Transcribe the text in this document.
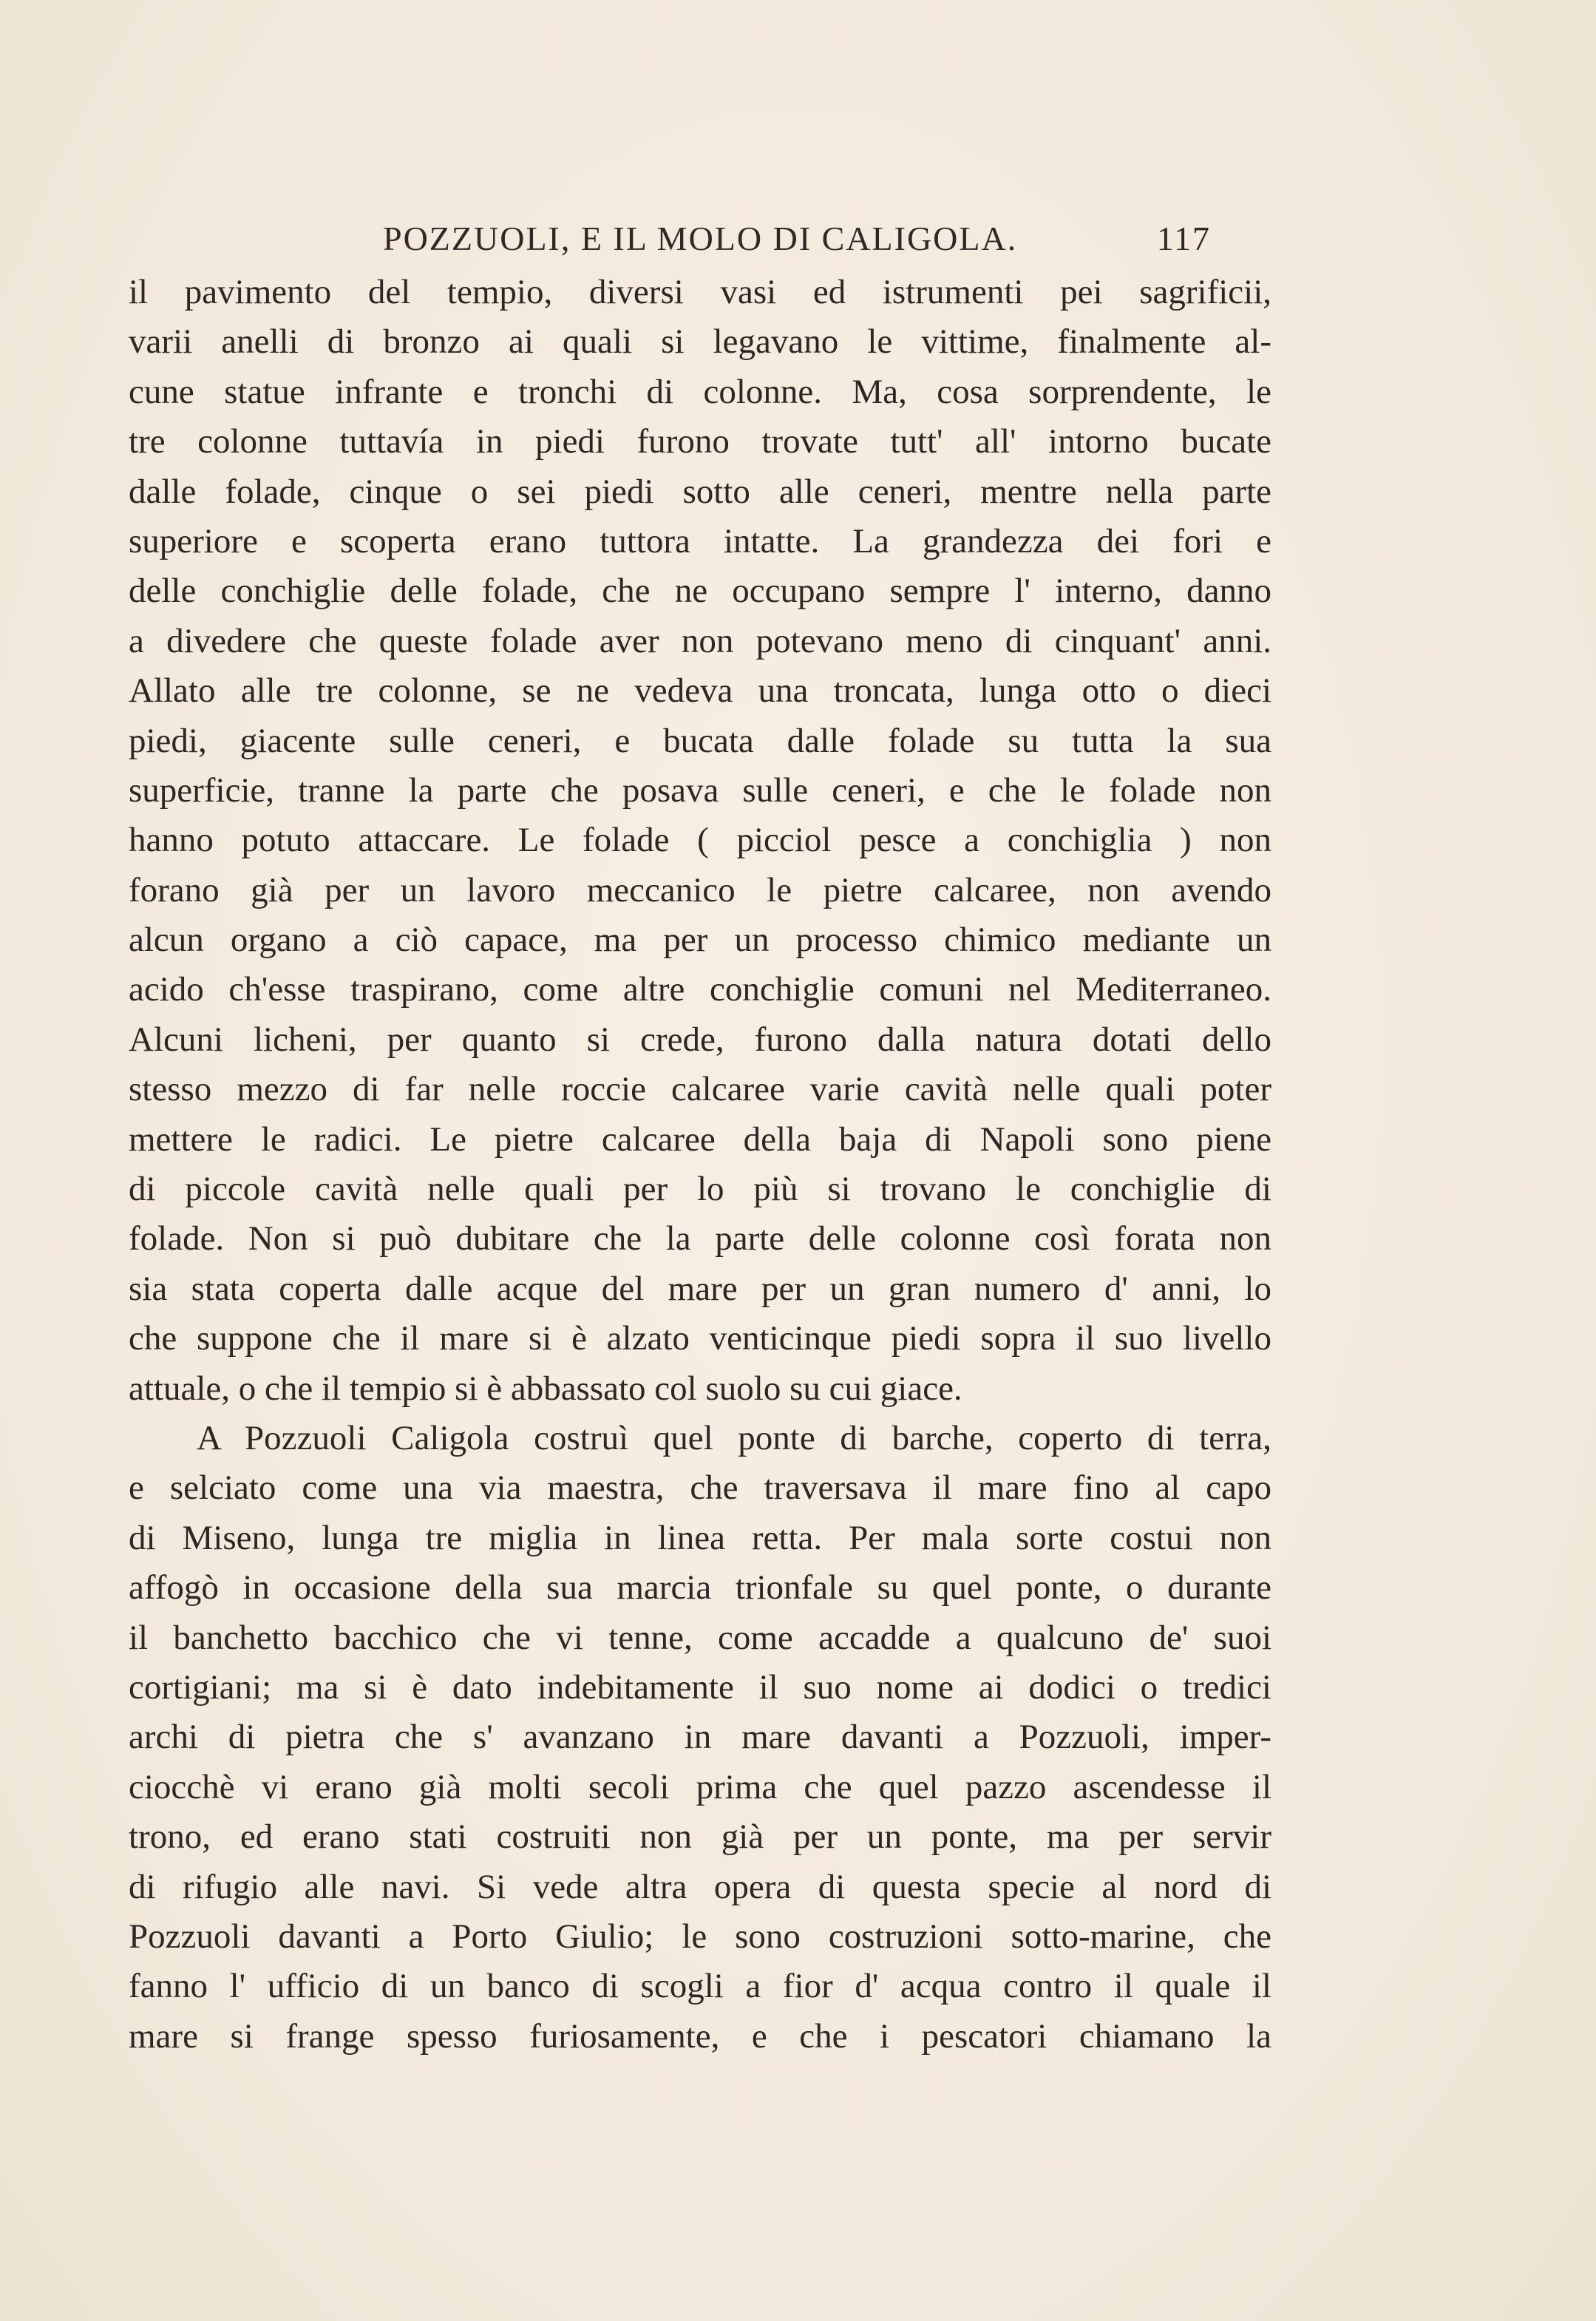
POZZUOLI, E IL MOLO DI CALIGOLA.	117
il pavimento del tempio, diversi vasi ed istrumenti pei sagrificii,
varii anelli di bronzo ai quali si legavano le vittime, finalmente al-
cune statue infrante e tronchi di colonne. Ma, cosa sorprendente, le
tre colonne tuttavía in piedi furono trovate tutt' all' intorno bucate
dalle folade, cinque o sei piedi sotto alle ceneri, mentre nella parte
superiore e scoperta erano tuttora intatte. La grandezza dei fori e
delle conchiglie delle folade, che ne occupano sempre l' interno, danno
a divedere che queste folade aver non potevano meno di cinquant' anni.
Allato alle tre colonne, se ne vedeva una troncata, lunga otto o dieci
piedi, giacente sulle ceneri, e bucata dalle folade su tutta la sua
superficie, tranne la parte che posava sulle ceneri, e che le folade non
hanno potuto attaccare. Le folade ( picciol pesce a conchiglia ) non
forano già per un lavoro meccanico le pietre calcaree, non avendo
alcun organo a ciò capace, ma per un processo chimico mediante un
acido ch'esse traspirano, come altre conchiglie comuni nel Mediterraneo.
Alcuni licheni, per quanto si crede, furono dalla natura dotati dello
stesso mezzo di far nelle roccie calcaree varie cavità nelle quali poter
mettere le radici. Le pietre calcaree della baja di Napoli sono piene
di piccole cavità nelle quali per lo più si trovano le conchiglie di
folade. Non si può dubitare che la parte delle colonne così forata non
sia stata coperta dalle acque del mare per un gran numero d' anni, lo
che suppone che il mare si è alzato venticinque piedi sopra il suo livello
attuale, o che il tempio si è abbassato col suolo su cui giace.
A Pozzuoli Caligola costruì quel ponte di barche, coperto di terra,
e selciato come una via maestra, che traversava il mare fino al capo
di Miseno, lunga tre miglia in linea retta. Per mala sorte costui non
affogò in occasione della sua marcia trionfale su quel ponte, o durante
il banchetto bacchico che vi tenne, come accadde a qualcuno de' suoi
cortigiani; ma si è dato indebitamente il suo nome ai dodici o tredici
archi di pietra che s' avanzano in mare davanti a Pozzuoli, imper-
ciocchè vi erano già molti secoli prima che quel pazzo ascendesse il
trono, ed erano stati costruiti non già per un ponte, ma per servir
di rifugio alle navi. Si vede altra opera di questa specie al nord di
Pozzuoli davanti a Porto Giulio; le sono costruzioni sotto-marine, che
fanno l' ufficio di un banco di scogli a fior d' acqua contro il quale il
mare si frange spesso furiosamente, e che i pescatori chiamano la
